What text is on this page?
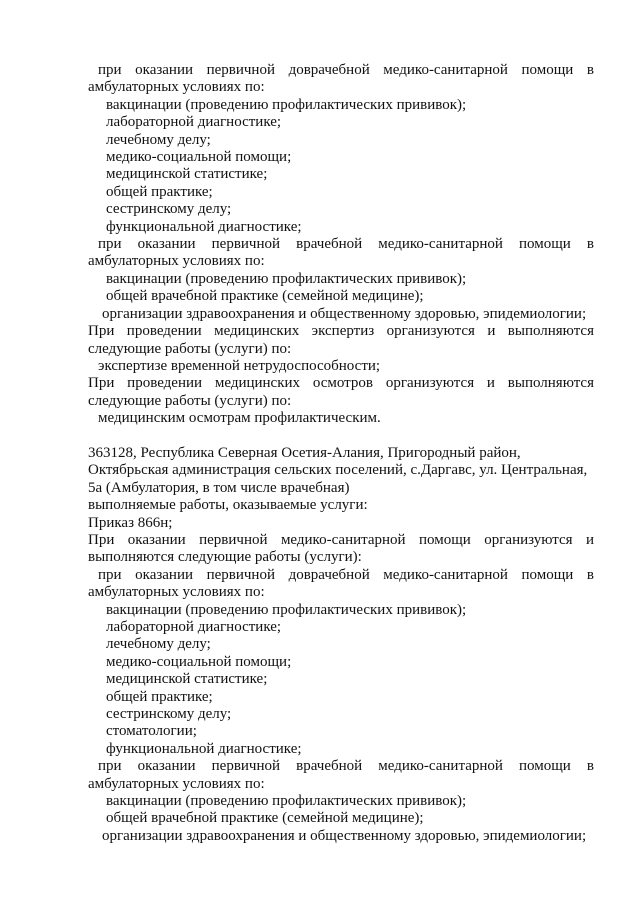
при оказании первичной доврачебной медико-санитарной помощи в
амбулаторных условиях по:
вакцинации (проведению профилактических прививок);
лабораторной диагностике;
лечебному делу;
медико-социальной помощи;
медицинской статистике;
общей практике;
сестринскому делу;
функциональной диагностике;
при оказании первичной врачебной медико-санитарной помощи в
амбулаторных условиях по:
вакцинации (проведению профилактических прививок);
общей врачебной практике (семейной медицине);
организации здравоохранения и общественному здоровью, эпидемиологии;
При проведении медицинских экспертиз организуются и выполняются
следующие работы (услуги) по:
экспертизе временной нетрудоспособности;
При проведении медицинских осмотров организуются и выполняются
следующие работы (услуги) по:
медицинским осмотрам профилактическим.
363128, Республика Северная Осетия-Алания, Пригородный район,
Октябрьская администрация сельских поселений, с.Даргавс, ул. Центральная,
5а (Амбулатория, в том числе врачебная)
выполняемые работы, оказываемые услуги:
Приказ 866н;
При оказании первичной медико-санитарной помощи организуются и
выполняются следующие работы (услуги):
при оказании первичной доврачебной медико-санитарной помощи в
амбулаторных условиях по:
вакцинации (проведению профилактических прививок);
лабораторной диагностике;
лечебному делу;
медико-социальной помощи;
медицинской статистике;
общей практике;
сестринскому делу;
стоматологии;
функциональной диагностике;
при оказании первичной врачебной медико-санитарной помощи в
амбулаторных условиях по:
вакцинации (проведению профилактических прививок);
общей врачебной практике (семейной медицине);
организации здравоохранения и общественному здоровью, эпидемиологии;
